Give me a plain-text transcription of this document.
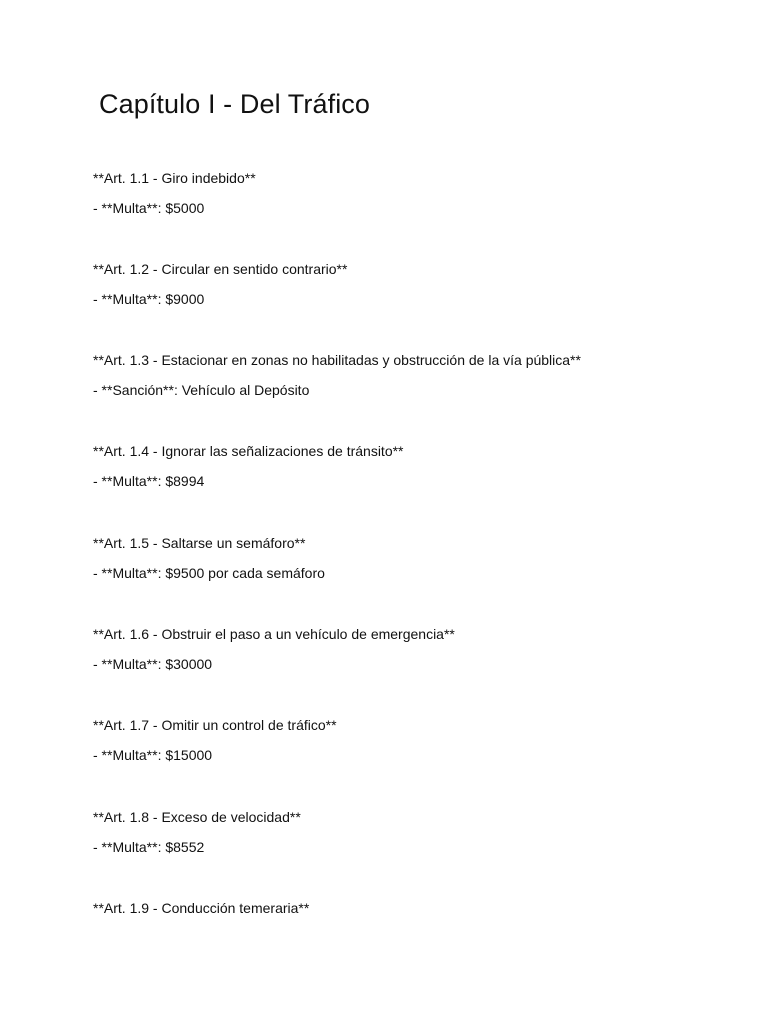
Capítulo I - Del Tráfico
**Art. 1.1 - Giro indebido**
- **Multa**: $5000
**Art. 1.2 - Circular en sentido contrario**
- **Multa**: $9000
**Art. 1.3 - Estacionar en zonas no habilitadas y obstrucción de la vía pública**
- **Sanción**: Vehículo al Depósito
**Art. 1.4 - Ignorar las señalizaciones de tránsito**
- **Multa**: $8994
**Art. 1.5 - Saltarse un semáforo**
- **Multa**: $9500 por cada semáforo
**Art. 1.6 - Obstruir el paso a un vehículo de emergencia**
- **Multa**: $30000
**Art. 1.7 - Omitir un control de tráfico**
- **Multa**: $15000
**Art. 1.8 - Exceso de velocidad**
- **Multa**: $8552
**Art. 1.9 - Conducción temeraria**
